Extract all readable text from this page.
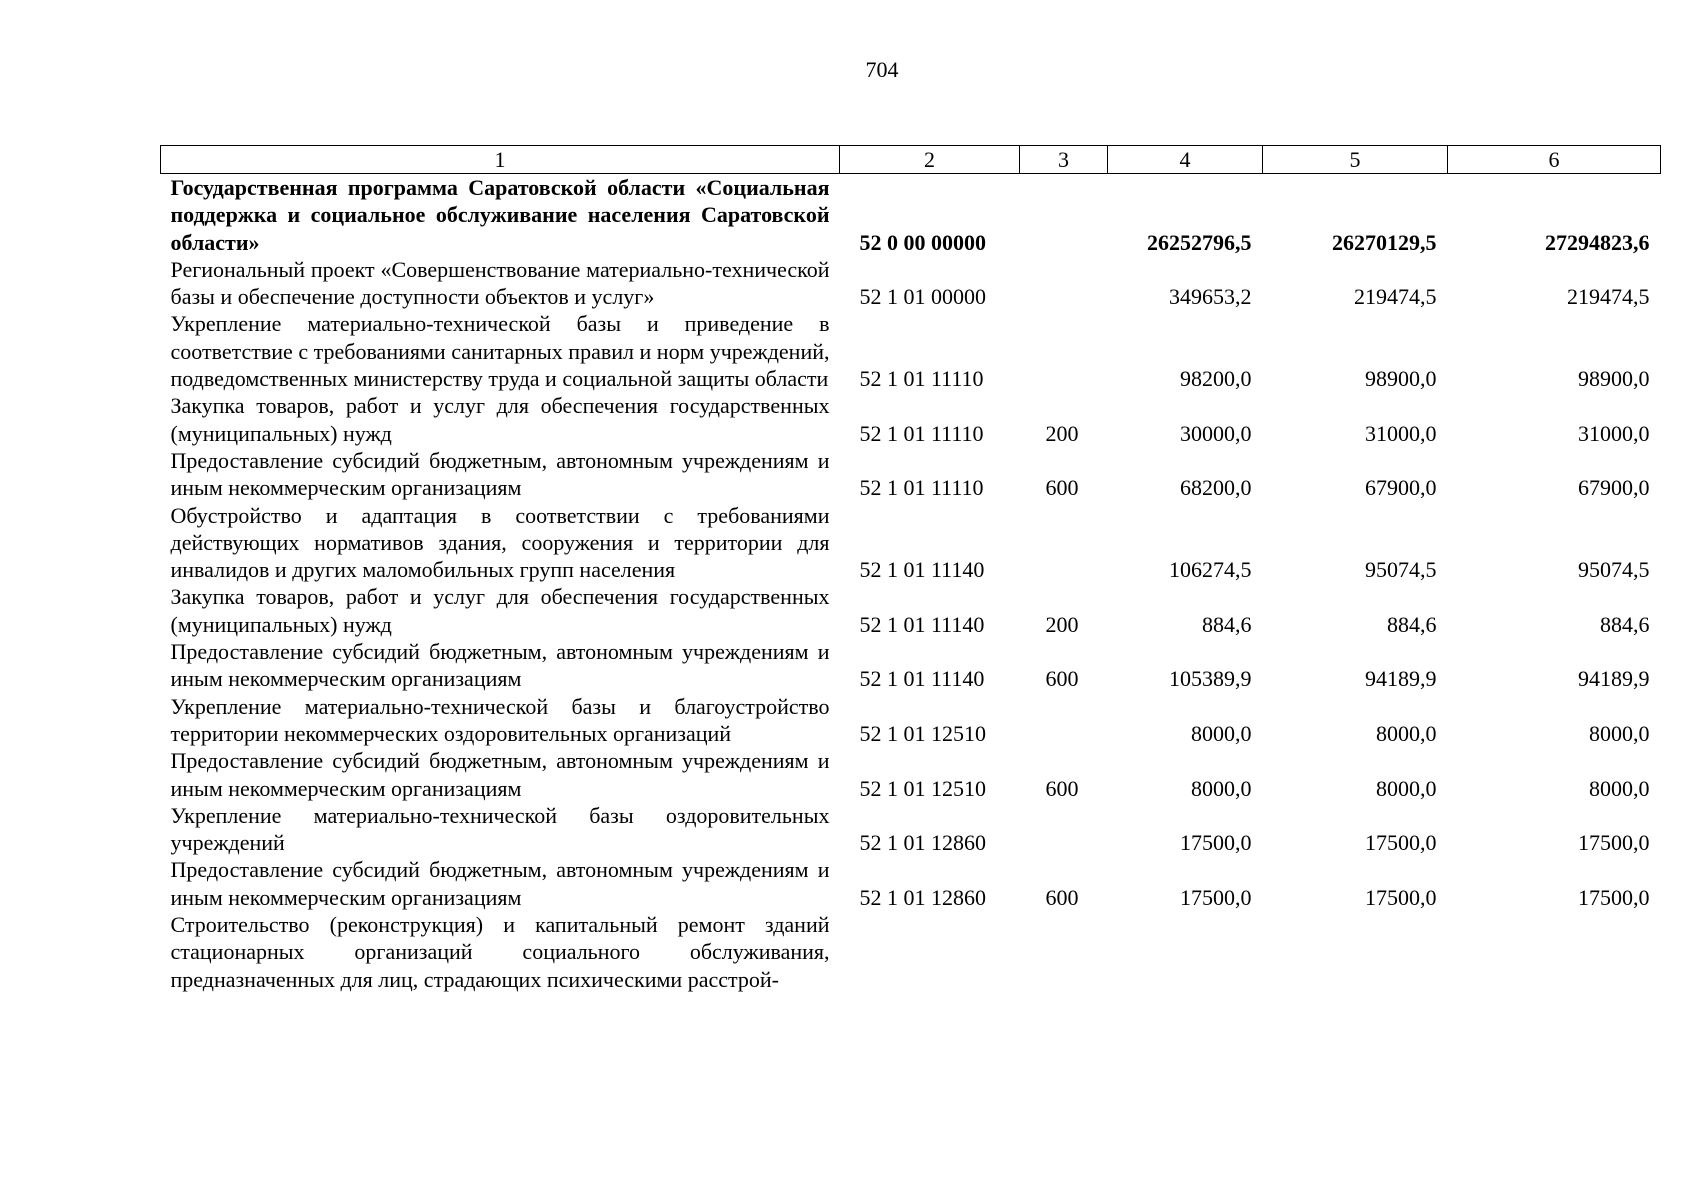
704
1	2	3	4	5	6
Государственная программа Саратовской области «Социальная поддержка и социальное обслуживание населения Саратовской области»	52 0 00 00000		26252796,5	26270129,5	27294823,6
Региональный проект «Совершенствование материально-технической базы и обеспечение доступности объектов и услуг»	52 1 01 00000		349653,2	219474,5	219474,5
Укрепление материально-технической базы и приведение в соответствие с требованиями санитарных правил и норм учреждений, подведомственных министерству труда и социальной защиты области	52 1 01 11110		98200,0	98900,0	98900,0
Закупка товаров, работ и услуг для обеспечения государственных (муниципальных) нужд	52 1 01 11110	200	30000,0	31000,0	31000,0
Предоставление субсидий бюджетным, автономным учреждениям и иным некоммерческим организациям	52 1 01 11110	600	68200,0	67900,0	67900,0
Обустройство и адаптация в соответствии с требованиями действующих нормативов здания, сооружения и территории для инвалидов и других маломобильных групп населения	52 1 01 11140		106274,5	95074,5	95074,5
Закупка товаров, работ и услуг для обеспечения государственных (муниципальных) нужд	52 1 01 11140	200	884,6	884,6	884,6
Предоставление субсидий бюджетным, автономным учреждениям и иным некоммерческим организациям	52 1 01 11140	600	105389,9	94189,9	94189,9
Укрепление материально-технической базы и благоустройство территории некоммерческих оздоровительных организаций	52 1 01 12510		8000,0	8000,0	8000,0
Предоставление субсидий бюджетным, автономным учреждениям и иным некоммерческим организациям	52 1 01 12510	600	8000,0	8000,0	8000,0
Укрепление материально-технической базы оздоровительных учреждений	52 1 01 12860		17500,0	17500,0	17500,0
Предоставление субсидий бюджетным, автономным учреждениям и иным некоммерческим организациям	52 1 01 12860	600	17500,0	17500,0	17500,0
Строительство (реконструкция) и капитальный ремонт зданий стационарных организаций социального обслуживания, предназначенных для лиц, страдающих психическими расстрой-					
